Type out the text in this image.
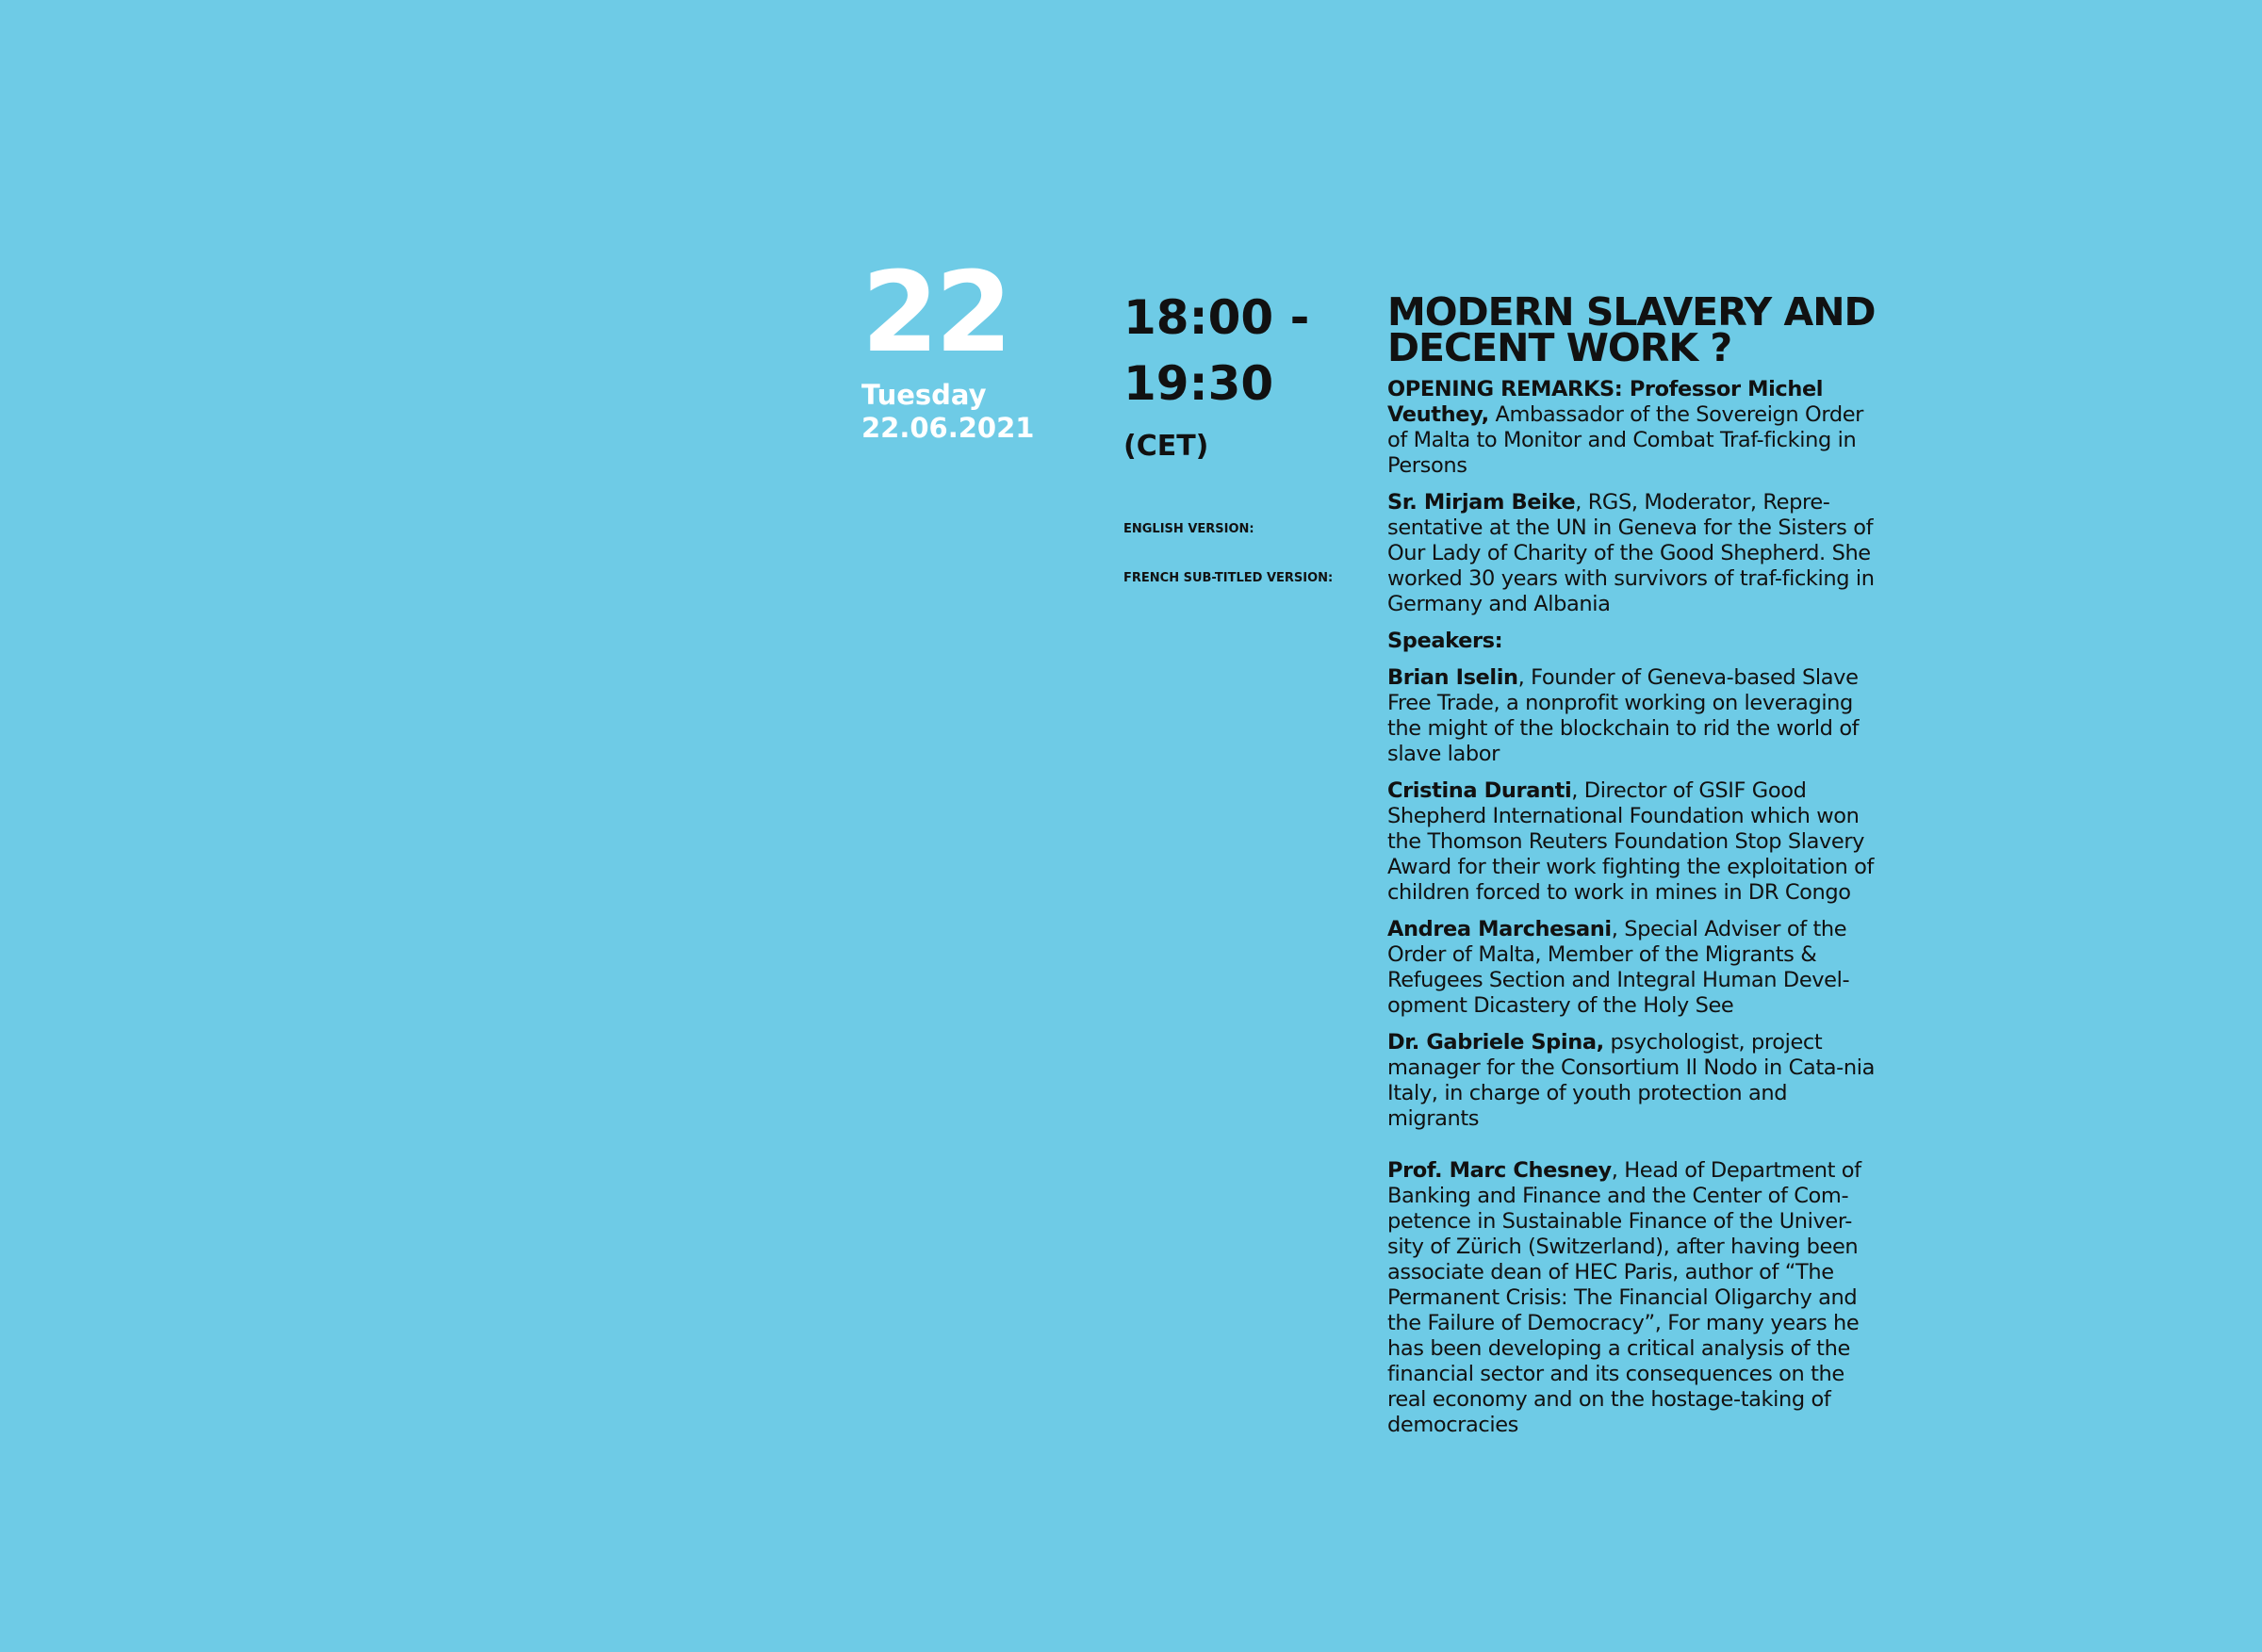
22
Tuesday
22.06.2021
18:00 -
19:30
(CET)
ENGLISH VERSION:
FRENCH SUB-TITLED VERSION:
MODERN SLAVERY AND
DECENT WORK ?

OPENING REMARKS: Professor Michel Veuthey, Ambassador of the Sovereign Order of Malta to Monitor and Combat Traf-ficking in Persons

Sr. Mirjam Beike, RGS, Moderator, Repre-sentative at the UN in Geneva for the Sisters of Our Lady of Charity of the Good Shepherd. She worked 30 years with survivors of traf-ficking in Germany and Albania

Speakers:

Brian Iselin, Founder of Geneva-based Slave Free Trade, a nonprofit working on leveraging the might of the blockchain to rid the world of slave labor

Cristina Duranti, Director of GSIF Good Shepherd International Foundation which won the Thomson Reuters Foundation Stop Slavery Award for their work fighting the exploitation of children forced to work in mines in DR Congo

Andrea Marchesani, Special Adviser of the Order of Malta, Member of the Migrants & Refugees Section and Integral Human Devel-opment Dicastery of the Holy See

Dr. Gabriele Spina, psychologist, project manager for the Consortium Il Nodo in Cata-nia Italy, in charge of youth protection and migrants

Prof. Marc Chesney, Head of Department of Banking and Finance and the Center of Com-petence in Sustainable Finance of the Univer-sity of Zürich (Switzerland), after having been associate dean of HEC Paris, author of “The Permanent Crisis: The Financial Oligarchy and the Failure of Democracy”, For many years he has been developing a critical analysis of the financial sector and its consequences on the real economy and on the hostage-taking of democracies
